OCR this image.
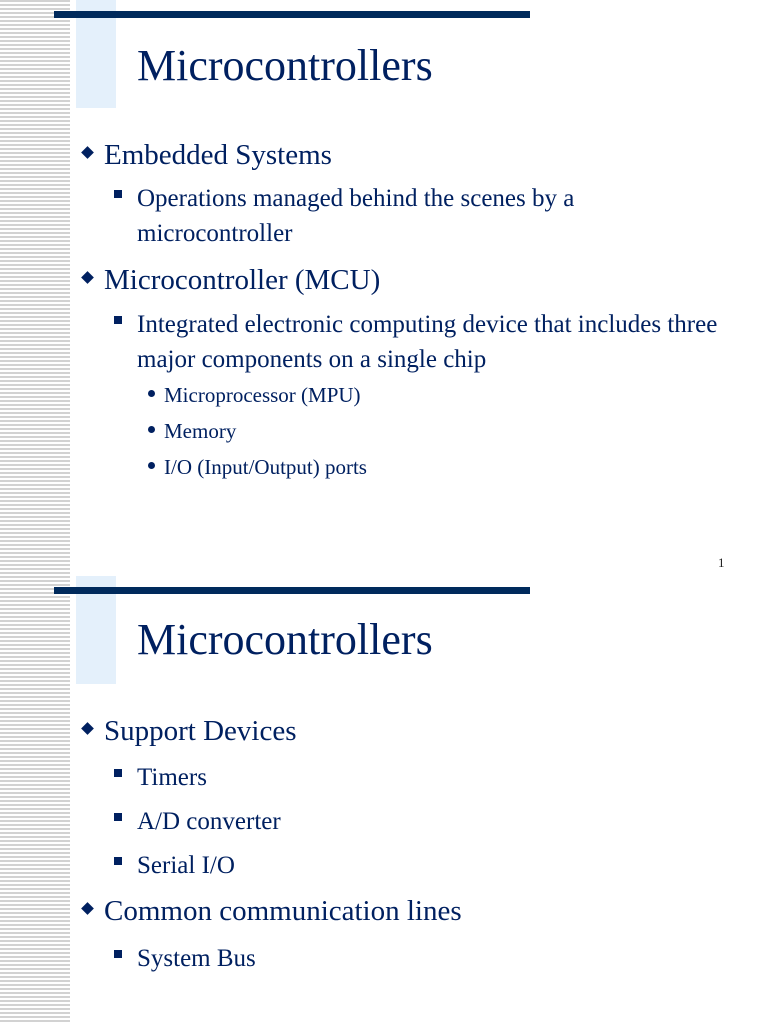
Microcontrollers
Embedded Systems
Operations managed behind the scenes by a microcontroller
Microcontroller (MCU)
Integrated electronic computing device that includes three major components on a single chip
Microprocessor (MPU)
Memory
I/O (Input/Output) ports
1
Microcontrollers
Support Devices
Timers
A/D converter
Serial I/O
Common communication lines
System Bus
